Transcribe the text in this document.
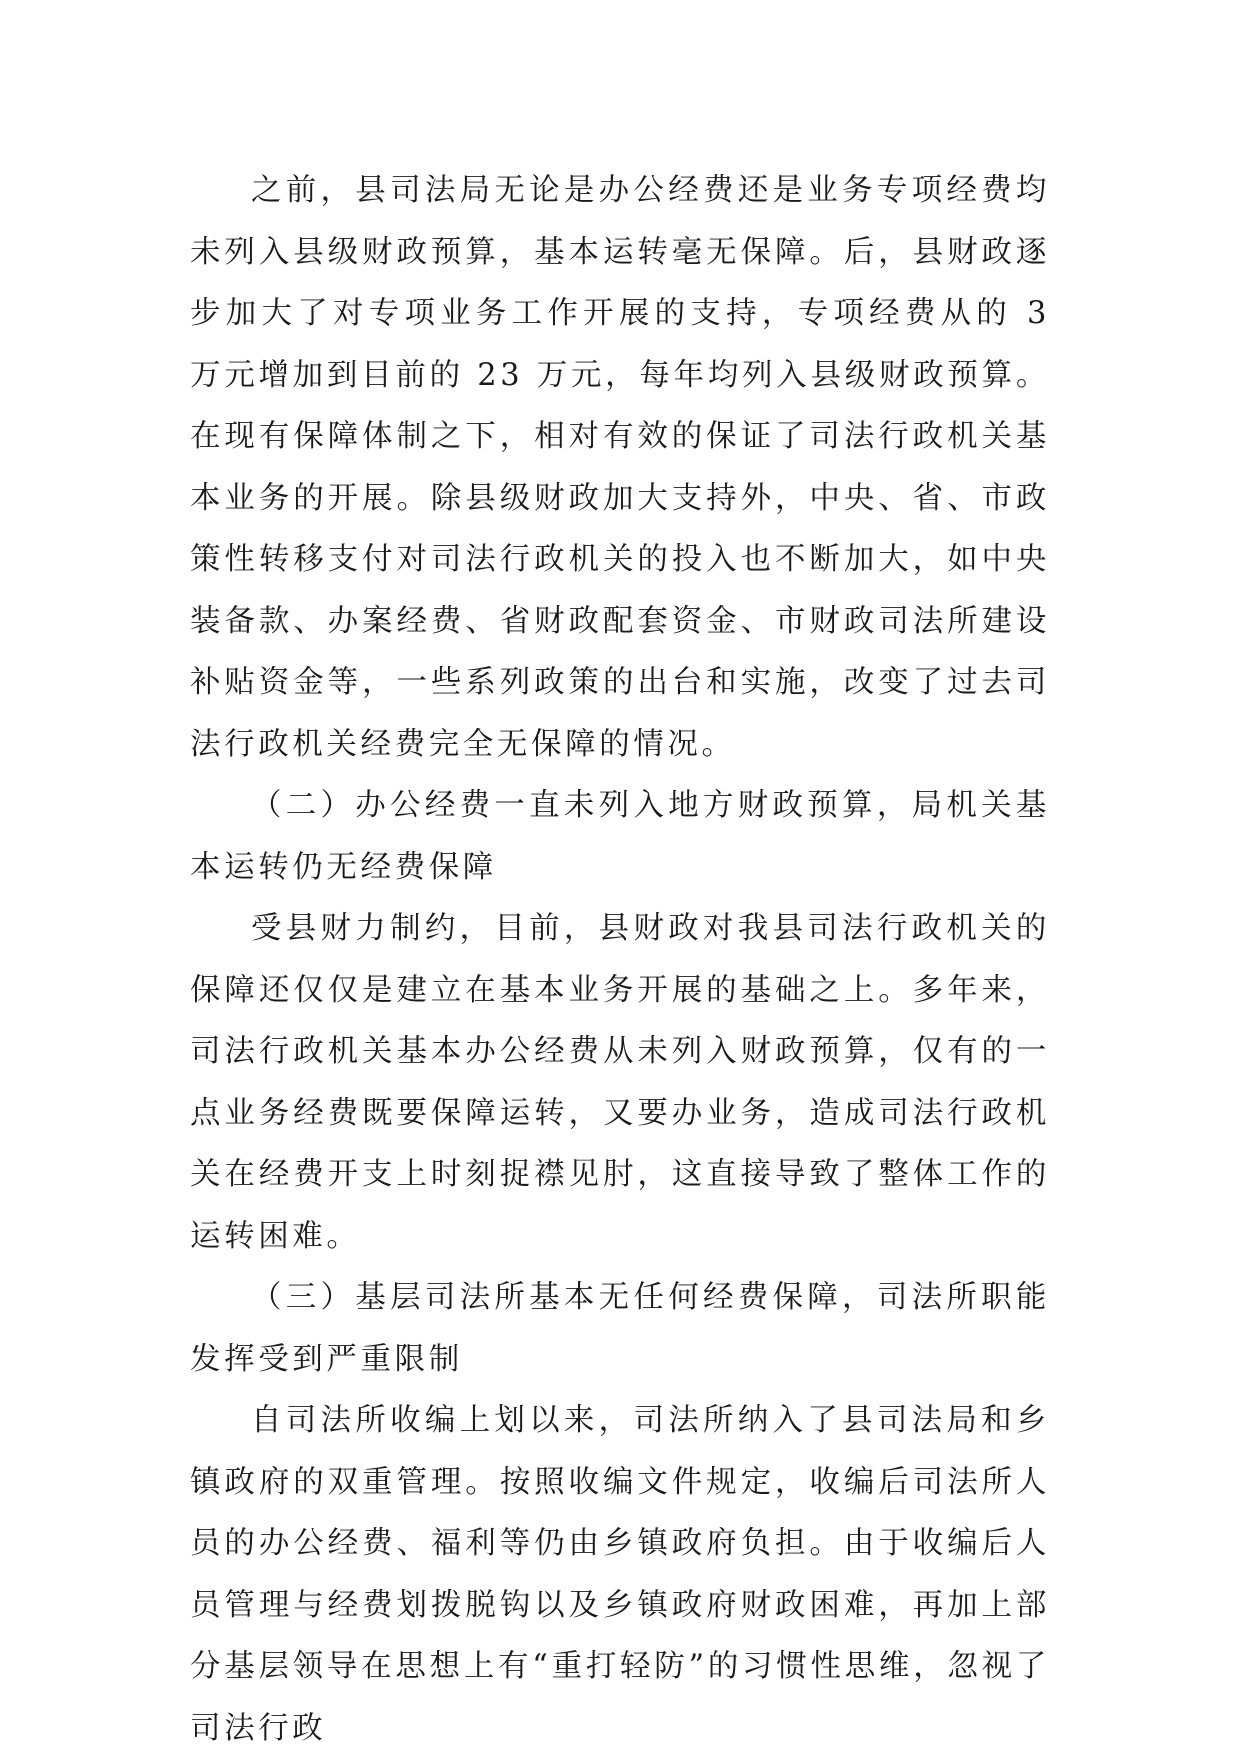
之前，县司法局无论是办公经费还是业务专项经费均未列入县级财政预算，基本运转毫无保障。后，县财政逐步加大了对专项业务工作开展的支持，专项经费从的 3 万元增加到目前的 23 万元，每年均列入县级财政预算。在现有保障体制之下，相对有效的保证了司法行政机关基本业务的开展。除县级财政加大支持外，中央、省、市政策性转移支付对司法行政机关的投入也不断加大，如中央装备款、办案经费、省财政配套资金、市财政司法所建设补贴资金等，一些系列政策的出台和实施，改变了过去司法行政机关经费完全无保障的情况。

（二）办公经费一直未列入地方财政预算，局机关基本运转仍无经费保障

受县财力制约，目前，县财政对我县司法行政机关的保障还仅仅是建立在基本业务开展的基础之上。多年来，司法行政机关基本办公经费从未列入财政预算，仅有的一点业务经费既要保障运转，又要办业务，造成司法行政机关在经费开支上时刻捉襟见肘，这直接导致了整体工作的运转困难。

（三）基层司法所基本无任何经费保障，司法所职能发挥受到严重限制

自司法所收编上划以来，司法所纳入了县司法局和乡镇政府的双重管理。按照收编文件规定，收编后司法所人员的办公经费、福利等仍由乡镇政府负担。由于收编后人员管理与经费划拨脱钩以及乡镇政府财政困难，再加上部分基层领导在思想上有“重打轻防”的习惯性思维，忽视了司法行政
